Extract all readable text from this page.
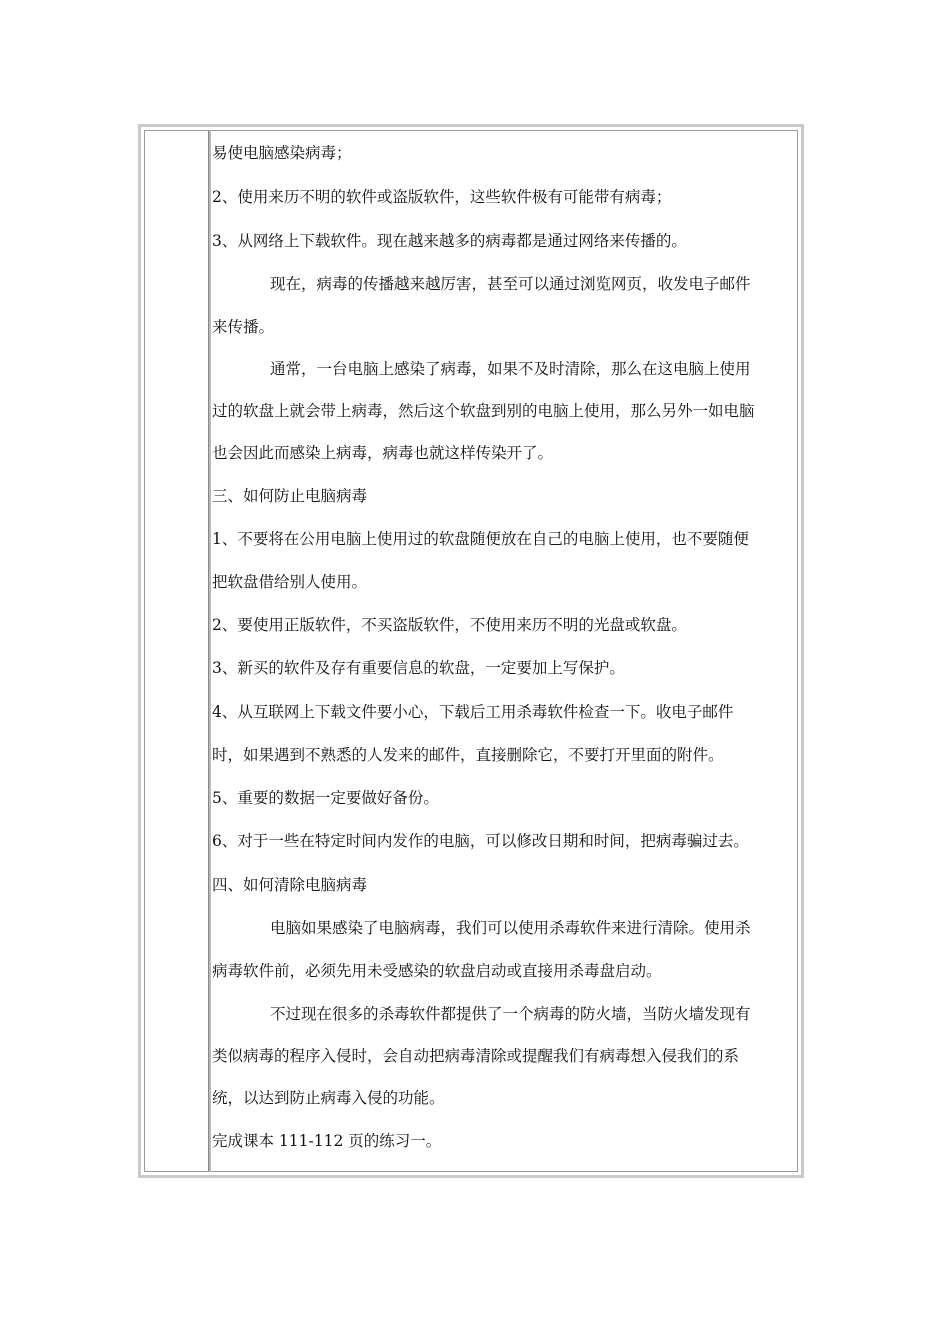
易使电脑感染病毒；
2、使用来历不明的软件或盗版软件，这些软件极有可能带有病毒；
3、从网络上下载软件。现在越来越多的病毒都是通过网络来传播的。
现在，病毒的传播越来越厉害，甚至可以通过浏览网页，收发电子邮件
来传播。
通常，一台电脑上感染了病毒，如果不及时清除，那么在这电脑上使用
过的软盘上就会带上病毒，然后这个软盘到别的电脑上使用，那么另外一如电脑
也会因此而感染上病毒，病毒也就这样传染开了。
三、如何防止电脑病毒
1、不要将在公用电脑上使用过的软盘随便放在自己的电脑上使用，也不要随便
把软盘借给别人使用。
2、要使用正版软件，不买盗版软件，不使用来历不明的光盘或软盘。
3、新买的软件及存有重要信息的软盘，一定要加上写保护。
4、从互联网上下载文件要小心，下载后工用杀毒软件检查一下。收电子邮件
时，如果遇到不熟悉的人发来的邮件，直接删除它，不要打开里面的附件。
5、重要的数据一定要做好备份。
6、对于一些在特定时间内发作的电脑，可以修改日期和时间，把病毒骗过去。
四、如何清除电脑病毒
电脑如果感染了电脑病毒，我们可以使用杀毒软件来进行清除。使用杀
病毒软件前，必须先用未受感染的软盘启动或直接用杀毒盘启动。
不过现在很多的杀毒软件都提供了一个病毒的防火墙，当防火墙发现有
类似病毒的程序入侵时，会自动把病毒清除或提醒我们有病毒想入侵我们的系
统，以达到防止病毒入侵的功能。
完成课本 111-112 页的练习一。
